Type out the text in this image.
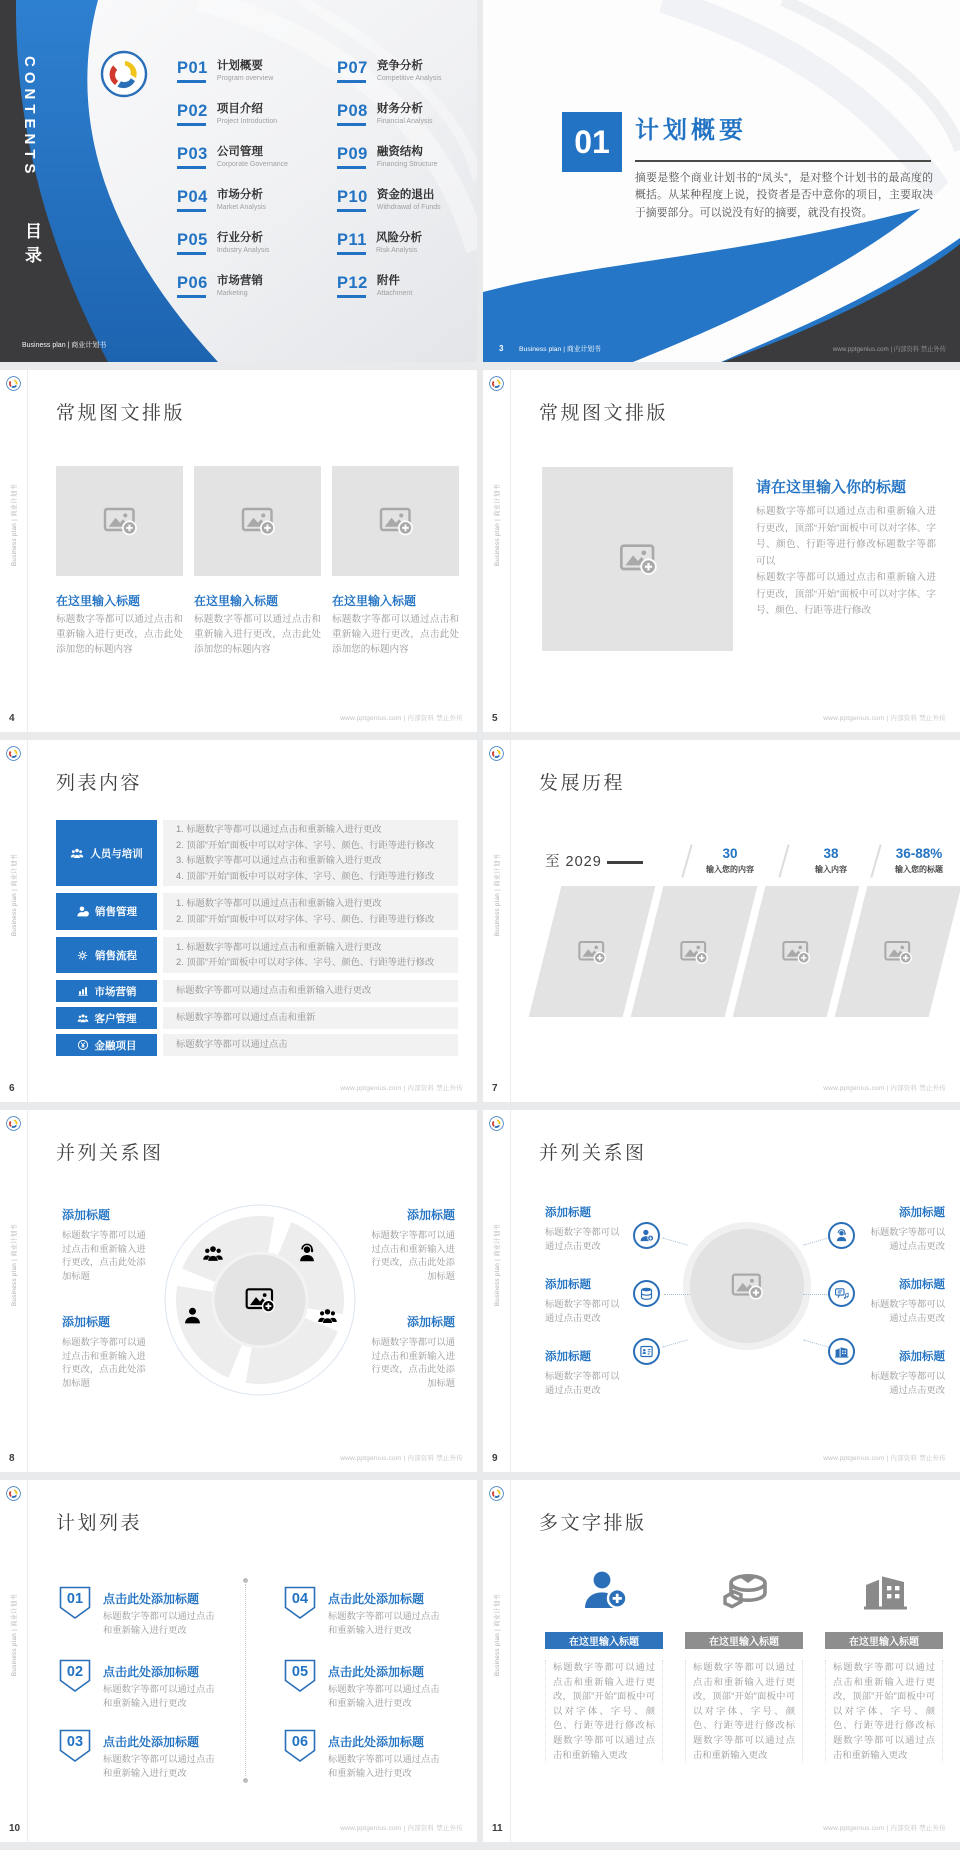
CONTENTS
目录
P01 计划概要
Program overview
P02 项目介绍
Project Introduction
P03 公司管理
Corporate Governance
P04 市场分析
Market Analysis
P05 行业分析
Industry Analysis
P06 市场营销
Marketing
P07 竞争分析
Competitive Analysis
P08 财务分析
Financial Analysis
P09 融资结构
Financing Structure
P10 资金的退出
Withdrawal of Funds
P11 风险分析
Risk Analysis
P12 附件
Attachment
Business plan | 商业计划书
01	计划概要
摘要是整个商业计划书的“凤头”，是对整个计划书的最高度的概括。从某种程度上说，投资者是否中意你的项目，主要取决于摘要部分。可以说没有好的摘要，就没有投资。
3 Business plan | 商业计划书	www.pptgenius.com | 内部资料 禁止外传
Business plan | 商业计划书
4
常规图文排版
在这里输入标题	在这里输入标题	在这里输入标题
标题数字等都可以通过点击和重新输入进行更改，点击此处添加您的标题内容
标题数字等都可以通过点击和重新输入进行更改，点击此处添加您的标题内容
标题数字等都可以通过点击和重新输入进行更改，点击此处添加您的标题内容
www.pptgenius.com | 内部资料 禁止外传
Business plan | 商业计划书
5
常规图文排版
请在这里输入你的标题
标题数字等都可以通过点击和重新输入进行更改，顶部“开始”面板中可以对字体、字号、颜色、行距等进行修改标题数字等都可以
标题数字等都可以通过点击和重新输入进行更改，顶部“开始”面板中可以对字体、字号、颜色、行距等进行修改
www.pptgenius.com | 内部资料 禁止外传
Business plan | 商业计划书
6
列表内容
人员与培训
1. 标题数字等都可以通过点击和重新输入进行更改
2. 顶部“开始”面板中可以对字体、字号、颜色、行距等进行修改
3. 标题数字等都可以通过点击和重新输入进行更改
4. 顶部“开始”面板中可以对字体、字号、颜色、行距等进行修改
销售管理
1. 标题数字等都可以通过点击和重新输入进行更改
2. 顶部“开始”面板中可以对字体、字号、颜色、行距等进行修改
销售流程
1. 标题数字等都可以通过点击和重新输入进行更改
2. 顶部“开始”面板中可以对字体、字号、颜色、行距等进行修改
市场营销	标题数字等都可以通过点击和重新输入进行更改
客户管理	标题数字等都可以通过点击和重新
金融项目	标题数字等都可以通过点击
www.pptgenius.com | 内部资料 禁止外传
Business plan | 商业计划书
7
发展历程
至 2029
30
输入您的内容
38
输入内容
36-88%
输入您的标题
www.pptgenius.com | 内部资料 禁止外传
Business plan | 商业计划书
8
并列关系图
添加标题
标题数字等都可以通过点击和重新输入进行更改，点击此处添加标题
添加标题
标题数字等都可以通过点击和重新输入进行更改，点击此处添加标题
添加标题
标题数字等都可以通过点击和重新输入进行更改，点击此处添加标题
添加标题
标题数字等都可以通过点击和重新输入进行更改，点击此处添加标题
www.pptgenius.com | 内部资料 禁止外传
Business plan | 商业计划书
9
并列关系图
添加标题
标题数字等都可以通过点击更改
添加标题
标题数字等都可以通过点击更改
添加标题
标题数字等都可以通过点击更改
添加标题
标题数字等都可以通过点击更改
添加标题
标题数字等都可以通过点击更改
添加标题
标题数字等都可以通过点击更改
www.pptgenius.com | 内部资料 禁止外传
Business plan | 商业计划书
10
计划列表
01	点击此处添加标题
标题数字等都可以通过点击和重新输入进行更改
02	点击此处添加标题
标题数字等都可以通过点击和重新输入进行更改
03	点击此处添加标题
标题数字等都可以通过点击和重新输入进行更改
04	点击此处添加标题
标题数字等都可以通过点击和重新输入进行更改
05	点击此处添加标题
标题数字等都可以通过点击和重新输入进行更改
06	点击此处添加标题
标题数字等都可以通过点击和重新输入进行更改
www.pptgenius.com | 内部资料 禁止外传
Business plan | 商业计划书
11
多文字排版
在这里输入标题	在这里输入标题	在这里输入标题
标题数字等都可以通过点击和重新输入进行更改，顶部“开始”面板中可以对字体、字号、颜色、行距等进行修改标题数字等都可以通过点击和重新输入更改
标题数字等都可以通过点击和重新输入进行更改，顶部“开始”面板中可以对字体、字号、颜色、行距等进行修改标题数字等都可以通过点击和重新输入更改
标题数字等都可以通过点击和重新输入进行更改，顶部“开始”面板中可以对字体、字号、颜色、行距等进行修改标题数字等都可以通过点击和重新输入更改
www.pptgenius.com | 内部资料 禁止外传
